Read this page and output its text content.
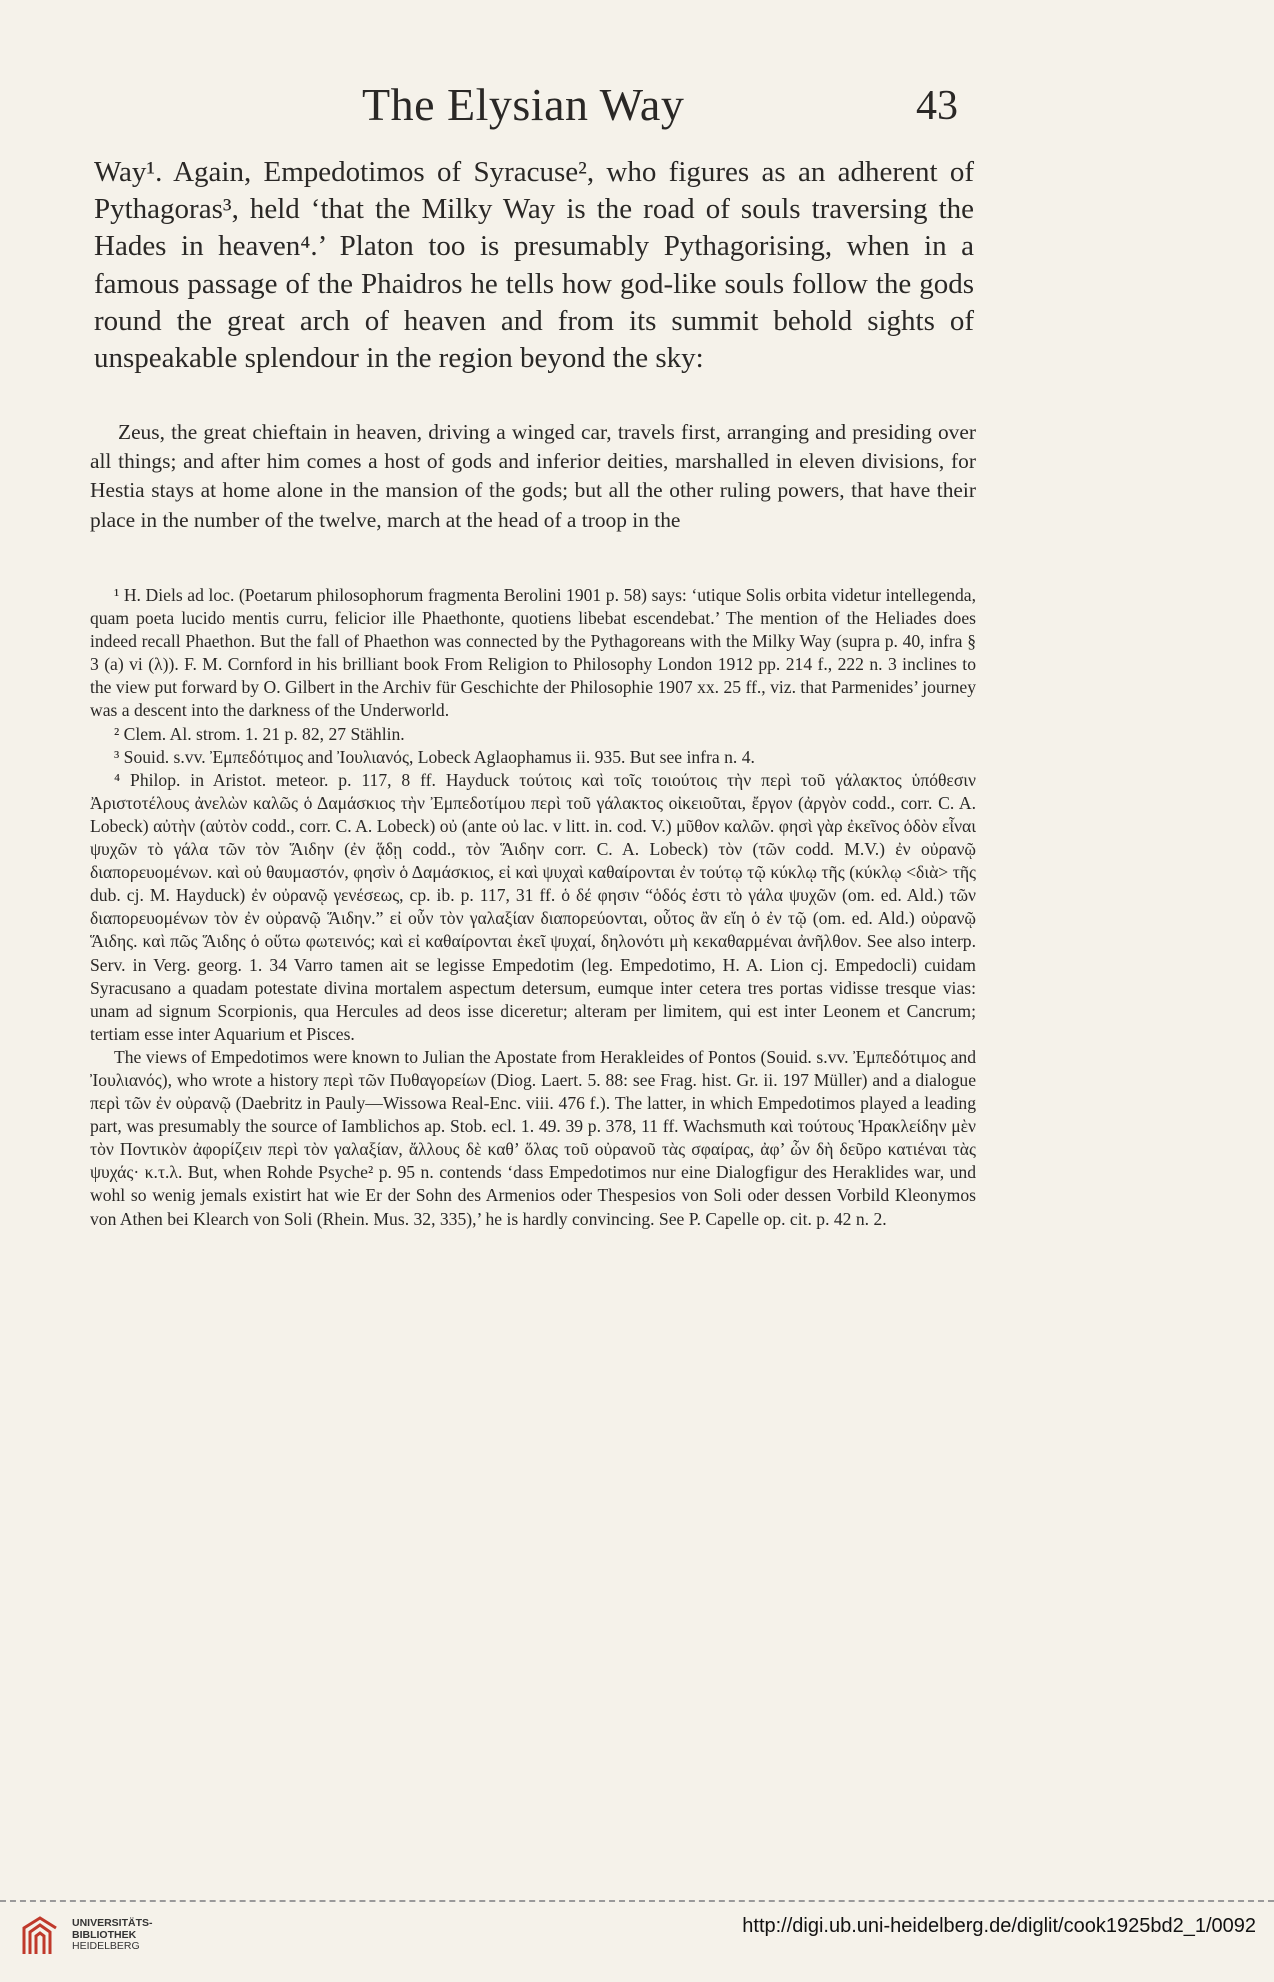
The Elysian Way	43

Way¹. Again, Empedotimos of Syracuse², who figures as an adherent of Pythagoras³, held ‘that the Milky Way is the road of souls traversing the Hades in heaven⁴.’ Platon too is presumably Pythagorising, when in a famous passage of the Phaidros he tells how god-like souls follow the gods round the great arch of heaven and from its summit behold sights of unspeakable splendour in the region beyond the sky:

Zeus, the great chieftain in heaven, driving a winged car, travels first, arranging and presiding over all things; and after him comes a host of gods and inferior deities, marshalled in eleven divisions, for Hestia stays at home alone in the mansion of the gods; but all the other ruling powers, that have their place in the number of the twelve, march at the head of a troop in the

¹ H. Diels ad loc. (Poetarum philosophorum fragmenta Berolini 1901 p. 58) says: ‘utique Solis orbita videtur intellegenda, quam poeta lucido mentis curru, felicior ille Phaethonte, quotiens libebat escendebat.’ The mention of the Heliades does indeed recall Phaethon. But the fall of Phaethon was connected by the Pythagoreans with the Milky Way (supra p. 40, infra § 3 (a) vi (λ)). F. M. Cornford in his brilliant book From Religion to Philosophy London 1912 pp. 214 f., 222 n. 3 inclines to the view put forward by O. Gilbert in the Archiv für Geschichte der Philosophie 1907 xx. 25 ff., viz. that Parmenides’ journey was a descent into the darkness of the Underworld.

² Clem. Al. strom. 1. 21 p. 82, 27 Stählin.

³ Souid. s.vv. Ἐμπεδότιμος and Ἰουλιανός, Lobeck Aglaophamus ii. 935. But see infra n. 4.

⁴ Philop. in Aristot. meteor. p. 117, 8 ff. Hayduck τούτοις καὶ τοῖς τοιούτοις τὴν περὶ τοῦ γάλακτος ὑπόθεσιν Ἀριστοτέλους ἀνελὼν καλῶς ὁ Δαμάσκιος τὴν Ἐμπεδοτίμου περὶ τοῦ γάλακτος οἰκειοῦται, ἔργον (ἀργὸν codd., corr. C. A. Lobeck) αὐτὴν (αὐτὸν codd., corr. C. A. Lobeck) οὐ (ante οὐ lac. v litt. in. cod. V.) μῦθον καλῶν. φησὶ γὰρ ἐκεῖνος ὁδὸν εἶναι ψυχῶν τὸ γάλα τῶν τὸν Ἅιδην (ἐν ᾅδῃ codd., τὸν Ἅιδην corr. C. A. Lobeck) τὸν (τῶν codd. M.V.) ἐν οὐρανῷ διαπορευομένων. καὶ οὐ θαυμαστόν, φησὶν ὁ Δαμάσκιος, εἰ καὶ ψυχαὶ καθαίρονται ἐν τούτῳ τῷ κύκλῳ τῆς (κύκλῳ <διὰ> τῆς dub. cj. M. Hayduck) ἐν οὐρανῷ γενέσεως, cp. ib. p. 117, 31 ff. ὁ δέ φησιν “ὁδός ἐστι τὸ γάλα ψυχῶν (om. ed. Ald.) τῶν διαπορευομένων τὸν ἐν οὐρανῷ Ἅιδην.” εἰ οὖν τὸν γαλαξίαν διαπορεύονται, οὗτος ἂν εἴη ὁ ἐν τῷ (om. ed. Ald.) οὐρανῷ Ἅιδης. καὶ πῶς Ἅιδης ὁ οὕτω φωτεινός; καὶ εἰ καθαίρονται ἐκεῖ ψυχαί, δηλονότι μὴ κεκαθαρμέναι ἀνῆλθον. See also interp. Serv. in Verg. georg. 1. 34 Varro tamen ait se legisse Empedotim (leg. Empedotimo, H. A. Lion cj. Empedocli) cuidam Syracusano a quadam potestate divina mortalem aspectum detersum, eumque inter cetera tres portas vidisse tresque vias: unam ad signum Scorpionis, qua Hercules ad deos isse diceretur; alteram per limitem, qui est inter Leonem et Cancrum; tertiam esse inter Aquarium et Pisces.

The views of Empedotimos were known to Julian the Apostate from Herakleides of Pontos (Souid. s.vv. Ἐμπεδότιμος and Ἰουλιανός), who wrote a history περὶ τῶν Πυθαγορείων (Diog. Laert. 5. 88: see Frag. hist. Gr. ii. 197 Müller) and a dialogue περὶ τῶν ἐν οὐρανῷ (Daebritz in Pauly—Wissowa Real-Enc. viii. 476 f.). The latter, in which Empedotimos played a leading part, was presumably the source of Iamblichos ap. Stob. ecl. 1. 49. 39 p. 378, 11 ff. Wachsmuth καὶ τούτους Ἡρακλείδην μὲν τὸν Ποντικὸν ἀφορίζειν περὶ τὸν γαλαξίαν, ἄλλους δὲ καθ’ ὅλας τοῦ οὐρανοῦ τὰς σφαίρας, ἀφ’ ὧν δὴ δεῦρο κατιέναι τὰς ψυχάς· κ.τ.λ. But, when Rohde Psyche² p. 95 n. contends ‘dass Empedotimos nur eine Dialogfigur des Heraklides war, und wohl so wenig jemals existirt hat wie Er der Sohn des Armenios oder Thespesios von Soli oder dessen Vorbild Kleonymos von Athen bei Klearch von Soli (Rhein. Mus. 32, 335),’ he is hardly convincing. See P. Capelle op. cit. p. 42 n. 2.

UNIVERSITÄTS-
BIBLIOTHEK
HEIDELBERG
http://digi.ub.uni-heidelberg.de/diglit/cook1925bd2_1/0092
